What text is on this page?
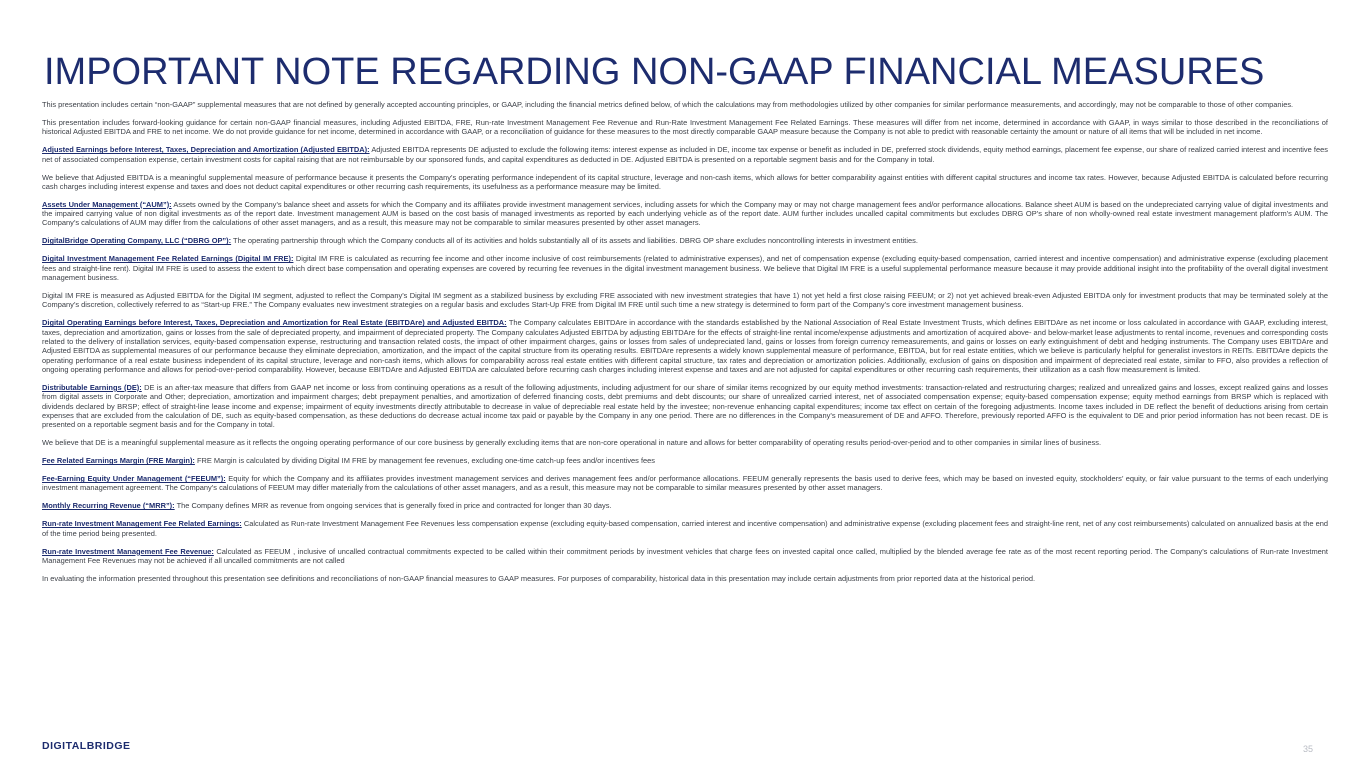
IMPORTANT NOTE REGARDING NON-GAAP FINANCIAL MEASURES

This presentation includes certain “non-GAAP” supplemental measures that are not defined by generally accepted accounting principles, or GAAP, including the financial metrics defined below, of which the calculations may from methodologies utilized by other companies for similar performance measurements, and accordingly, may not be comparable to those of other companies.

This presentation includes forward-looking guidance for certain non-GAAP financial measures, including Adjusted EBITDA, FRE, Run-rate Investment Management Fee Revenue and Run-Rate Investment Management Fee Related Earnings. These measures will differ from net income, determined in accordance with GAAP, in ways similar to those described in the reconciliations of historical Adjusted EBITDA and FRE to net income. We do not provide guidance for net income, determined in accordance with GAAP, or a reconciliation of guidance for these measures to the most directly comparable GAAP measure because the Company is not able to predict with reasonable certainty the amount or nature of all items that will be included in net income.

Adjusted Earnings before Interest, Taxes, Depreciation and Amortization (Adjusted EBITDA): Adjusted EBITDA represents DE adjusted to exclude the following items: interest expense as included in DE, income tax expense or benefit as included in DE, preferred stock dividends, equity method earnings, placement fee expense, our share of realized carried interest and incentive fees net of associated compensation expense, certain investment costs for capital raising that are not reimbursable by our sponsored funds, and capital expenditures as deducted in DE. Adjusted EBITDA is presented on a reportable segment basis and for the Company in total.

We believe that Adjusted EBITDA is a meaningful supplemental measure of performance because it presents the Company’s operating performance independent of its capital structure, leverage and non-cash items, which allows for better comparability against entities with different capital structures and income tax rates. However, because Adjusted EBITDA is calculated before recurring cash charges including interest expense and taxes and does not deduct capital expenditures or other recurring cash requirements, its usefulness as a performance measure may be limited.

Assets Under Management (“AUM”): Assets owned by the Company’s balance sheet and assets for which the Company and its affiliates provide investment management services, including assets for which the Company may or may not charge management fees and/or performance allocations. Balance sheet AUM is based on the undepreciated carrying value of digital investments and the impaired carrying value of non digital investments as of the report date. Investment management AUM is based on the cost basis of managed investments as reported by each underlying vehicle as of the report date. AUM further includes uncalled capital commitments but excludes DBRG OP’s share of non wholly-owned real estate investment management platform’s AUM. The Company’s calculations of AUM may differ from the calculations of other asset managers, and as a result, this measure may not be comparable to similar measures presented by other asset managers.

DigitalBridge Operating Company, LLC (“DBRG OP”): The operating partnership through which the Company conducts all of its activities and holds substantially all of its assets and liabilities. DBRG OP share excludes noncontrolling interests in investment entities.

Digital Investment Management Fee Related Earnings (Digital IM FRE): Digital IM FRE is calculated as recurring fee income and other income inclusive of cost reimbursements (related to administrative expenses), and net of compensation expense (excluding equity-based compensation, carried interest and incentive compensation) and administrative expense (excluding placement fees and straight-line rent). Digital IM FRE is used to assess the extent to which direct base compensation and operating expenses are covered by recurring fee revenues in the digital investment management business. We believe that Digital IM FRE is a useful supplemental performance measure because it may provide additional insight into the profitability of the overall digital investment management business.

Digital IM FRE is measured as Adjusted EBITDA for the Digital IM segment, adjusted to reflect the Company’s Digital IM segment as a stabilized business by excluding FRE associated with new investment strategies that have 1) not yet held a first close raising FEEUM; or 2) not yet achieved break-even Adjusted EBITDA only for investment products that may be terminated solely at the Company’s discretion, collectively referred to as “Start-up FRE.” The Company evaluates new investment strategies on a regular basis and excludes Start-Up FRE from Digital IM FRE until such time a new strategy is determined to form part of the Company’s core investment management business.

Digital Operating Earnings before Interest, Taxes, Depreciation and Amortization for Real Estate (EBITDAre) and Adjusted EBITDA: The Company calculates EBITDAre in accordance with the standards established by the National Association of Real Estate Investment Trusts, which defines EBITDAre as net income or loss calculated in accordance with GAAP, excluding interest, taxes, depreciation and amortization, gains or losses from the sale of depreciated property, and impairment of depreciated property. The Company calculates Adjusted EBITDA by adjusting EBITDAre for the effects of straight-line rental income/expense adjustments and amortization of acquired above- and below-market lease adjustments to rental income, revenues and corresponding costs related to the delivery of installation services, equity-based compensation expense, restructuring and transaction related costs, the impact of other impairment charges, gains or losses from sales of undepreciated land, gains or losses from foreign currency remeasurements, and gains or losses on early extinguishment of debt and hedging instruments. The Company uses EBITDAre and Adjusted EBITDA as supplemental measures of our performance because they eliminate depreciation, amortization, and the impact of the capital structure from its operating results. EBITDAre represents a widely known supplemental measure of performance, EBITDA, but for real estate entities, which we believe is particularly helpful for generalist investors in REITs. EBITDAre depicts the operating performance of a real estate business independent of its capital structure, leverage and non-cash items, which allows for comparability across real estate entities with different capital structure, tax rates and depreciation or amortization policies. Additionally, exclusion of gains on disposition and impairment of depreciated real estate, similar to FFO, also provides a reflection of ongoing operating performance and allows for period-over-period comparability. However, because EBITDAre and Adjusted EBITDA are calculated before recurring cash charges including interest expense and taxes and are not adjusted for capital expenditures or other recurring cash requirements, their utilization as a cash flow measurement is limited.

Distributable Earnings (DE): DE is an after-tax measure that differs from GAAP net income or loss from continuing operations as a result of the following adjustments, including adjustment for our share of similar items recognized by our equity method investments: transaction-related and restructuring charges; realized and unrealized gains and losses, except realized gains and losses from digital assets in Corporate and Other; depreciation, amortization and impairment charges; debt prepayment penalties, and amortization of deferred financing costs, debt premiums and debt discounts; our share of unrealized carried interest, net of associated compensation expense; equity-based compensation expense; equity method earnings from BRSP which is replaced with dividends declared by BRSP; effect of straight-line lease income and expense; impairment of equity investments directly attributable to decrease in value of depreciable real estate held by the investee; non-revenue enhancing capital expenditures; income tax effect on certain of the foregoing adjustments. Income taxes included in DE reflect the benefit of deductions arising from certain expenses that are excluded from the calculation of DE, such as equity-based compensation, as these deductions do decrease actual income tax paid or payable by the Company in any one period. There are no differences in the Company’s measurement of DE and AFFO. Therefore, previously reported AFFO is the equivalent to DE and prior period information has not been recast. DE is presented on a reportable segment basis and for the Company in total.

We believe that DE is a meaningful supplemental measure as it reflects the ongoing operating performance of our core business by generally excluding items that are non-core operational in nature and allows for better comparability of operating results period-over-period and to other companies in similar lines of business.

Fee Related Earnings Margin (FRE Margin): FRE Margin is calculated by dividing Digital IM FRE by management fee revenues, excluding one-time catch-up fees and/or incentives fees

Fee-Earning Equity Under Management (“FEEUM”): Equity for which the Company and its affiliates provides investment management services and derives management fees and/or performance allocations. FEEUM generally represents the basis used to derive fees, which may be based on invested equity, stockholders’ equity, or fair value pursuant to the terms of each underlying investment management agreement. The Company’s calculations of FEEUM may differ materially from the calculations of other asset managers, and as a result, this measure may not be comparable to similar measures presented by other asset managers.

Monthly Recurring Revenue (“MRR”): The Company defines MRR as revenue from ongoing services that is generally fixed in price and contracted for longer than 30 days.

Run-rate Investment Management Fee Related Earnings: Calculated as Run-rate Investment Management Fee Revenues less compensation expense (excluding equity-based compensation, carried interest and incentive compensation) and administrative expense (excluding placement fees and straight-line rent, net of any cost reimbursements) calculated on annualized basis at the end of the time period being presented.

Run-rate Investment Management Fee Revenue: Calculated as FEEUM , inclusive of uncalled contractual commitments expected to be called within their commitment periods by investment vehicles that charge fees on invested capital once called, multiplied by the blended average fee rate as of the most recent reporting period. The Company’s calculations of Run-rate Investment Management Fee Revenues may not be achieved if all uncalled commitments are not called

In evaluating the information presented throughout this presentation see definitions and reconciliations of non-GAAP financial measures to GAAP measures. For purposes of comparability, historical data in this presentation may include certain adjustments from prior reported data at the historical period.

DIGITALBRIDGE	35
